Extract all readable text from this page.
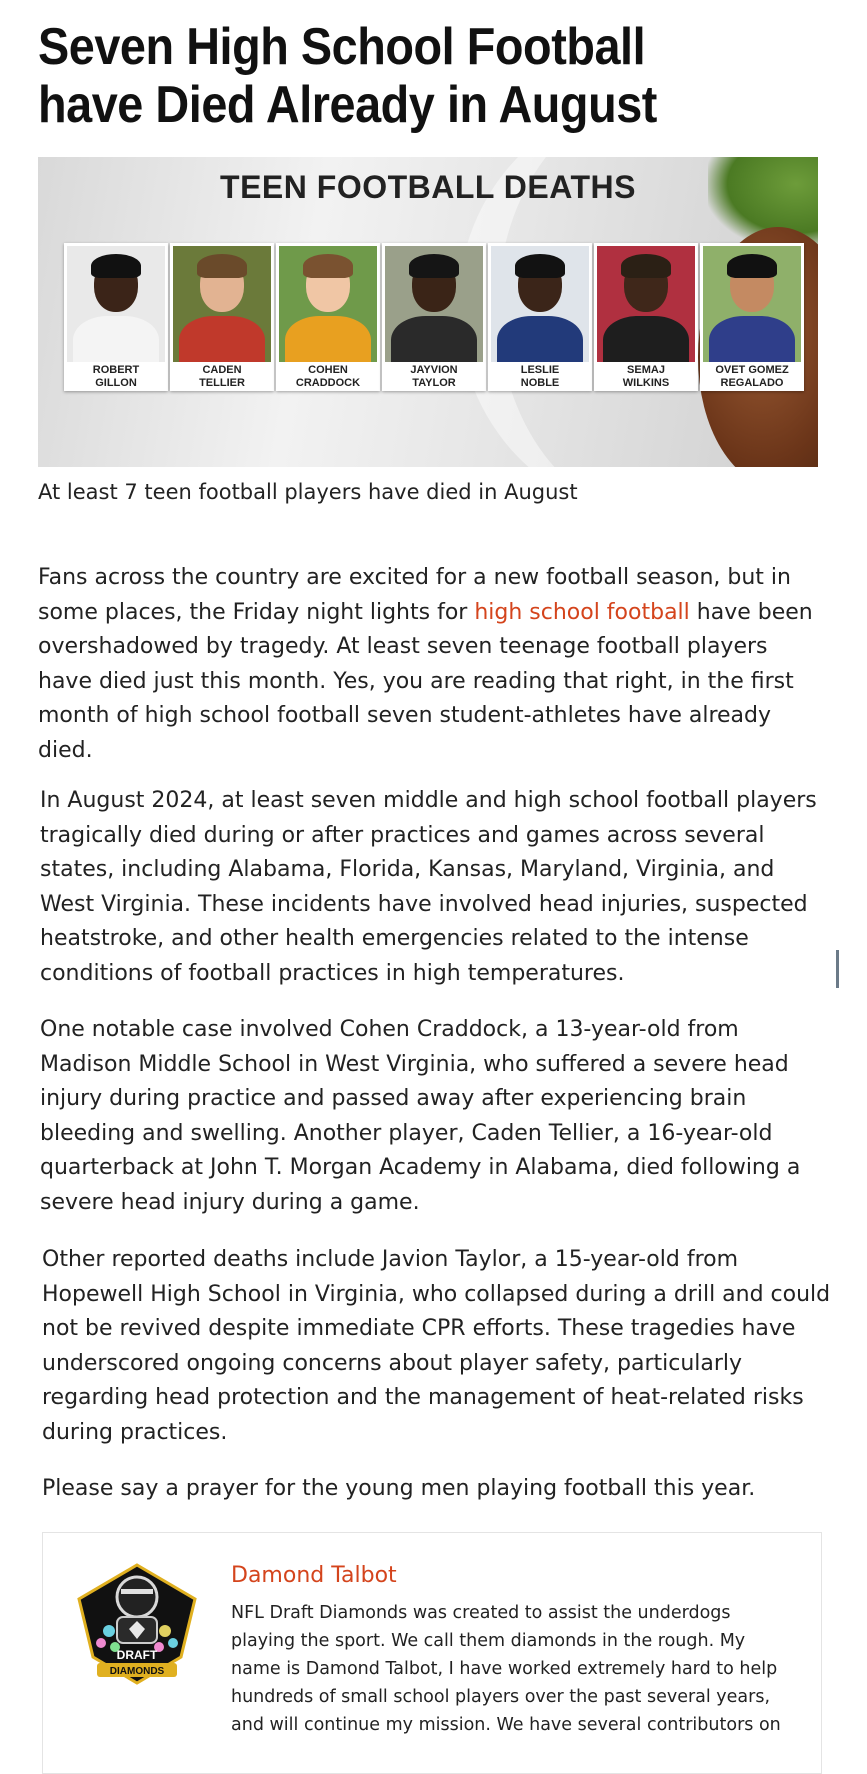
Seven High School Football have Died Already in August
TEEN FOOTBALL DEATHS
ROBERT
GILLON
CADEN
TELLIER
COHEN
CRADDOCK
JAYVION
TAYLOR
LESLIE
NOBLE
SEMAJ
WILKINS
OVET GOMEZ
REGALADO

At least 7 teen football players have died in August

Fans across the country are excited for a new football season, but in some places, the Friday night lights for high school football have been overshadowed by tragedy. At least seven teenage football players have died just this month. Yes, you are reading that right, in the first month of high school football seven student-athletes have already died.

In August 2024, at least seven middle and high school football players tragically died during or after practices and games across several states, including Alabama, Florida, Kansas, Maryland, Virginia, and West Virginia. These incidents have involved head injuries, suspected heatstroke, and other health emergencies related to the intense conditions of football practices in high temperatures.

One notable case involved Cohen Craddock, a 13-year-old from Madison Middle School in West Virginia, who suffered a severe head injury during practice and passed away after experiencing brain bleeding and swelling. Another player, Caden Tellier, a 16-year-old quarterback at John T. Morgan Academy in Alabama, died following a severe head injury during a game.

Other reported deaths include Javion Taylor, a 15-year-old from Hopewell High School in Virginia, who collapsed during a drill and could not be revived despite immediate CPR efforts. These tragedies have underscored ongoing concerns about player safety, particularly regarding head protection and the management of heat-related risks during practices.

Please say a prayer for the young men playing football this year.

DRAFT
DIAMONDS

Damond Talbot

NFL Draft Diamonds was created to assist the underdogs playing the sport. We call them diamonds in the rough. My name is Damond Talbot, I have worked extremely hard to help hundreds of small school players over the past several years, and will continue my mission. We have several contributors on
